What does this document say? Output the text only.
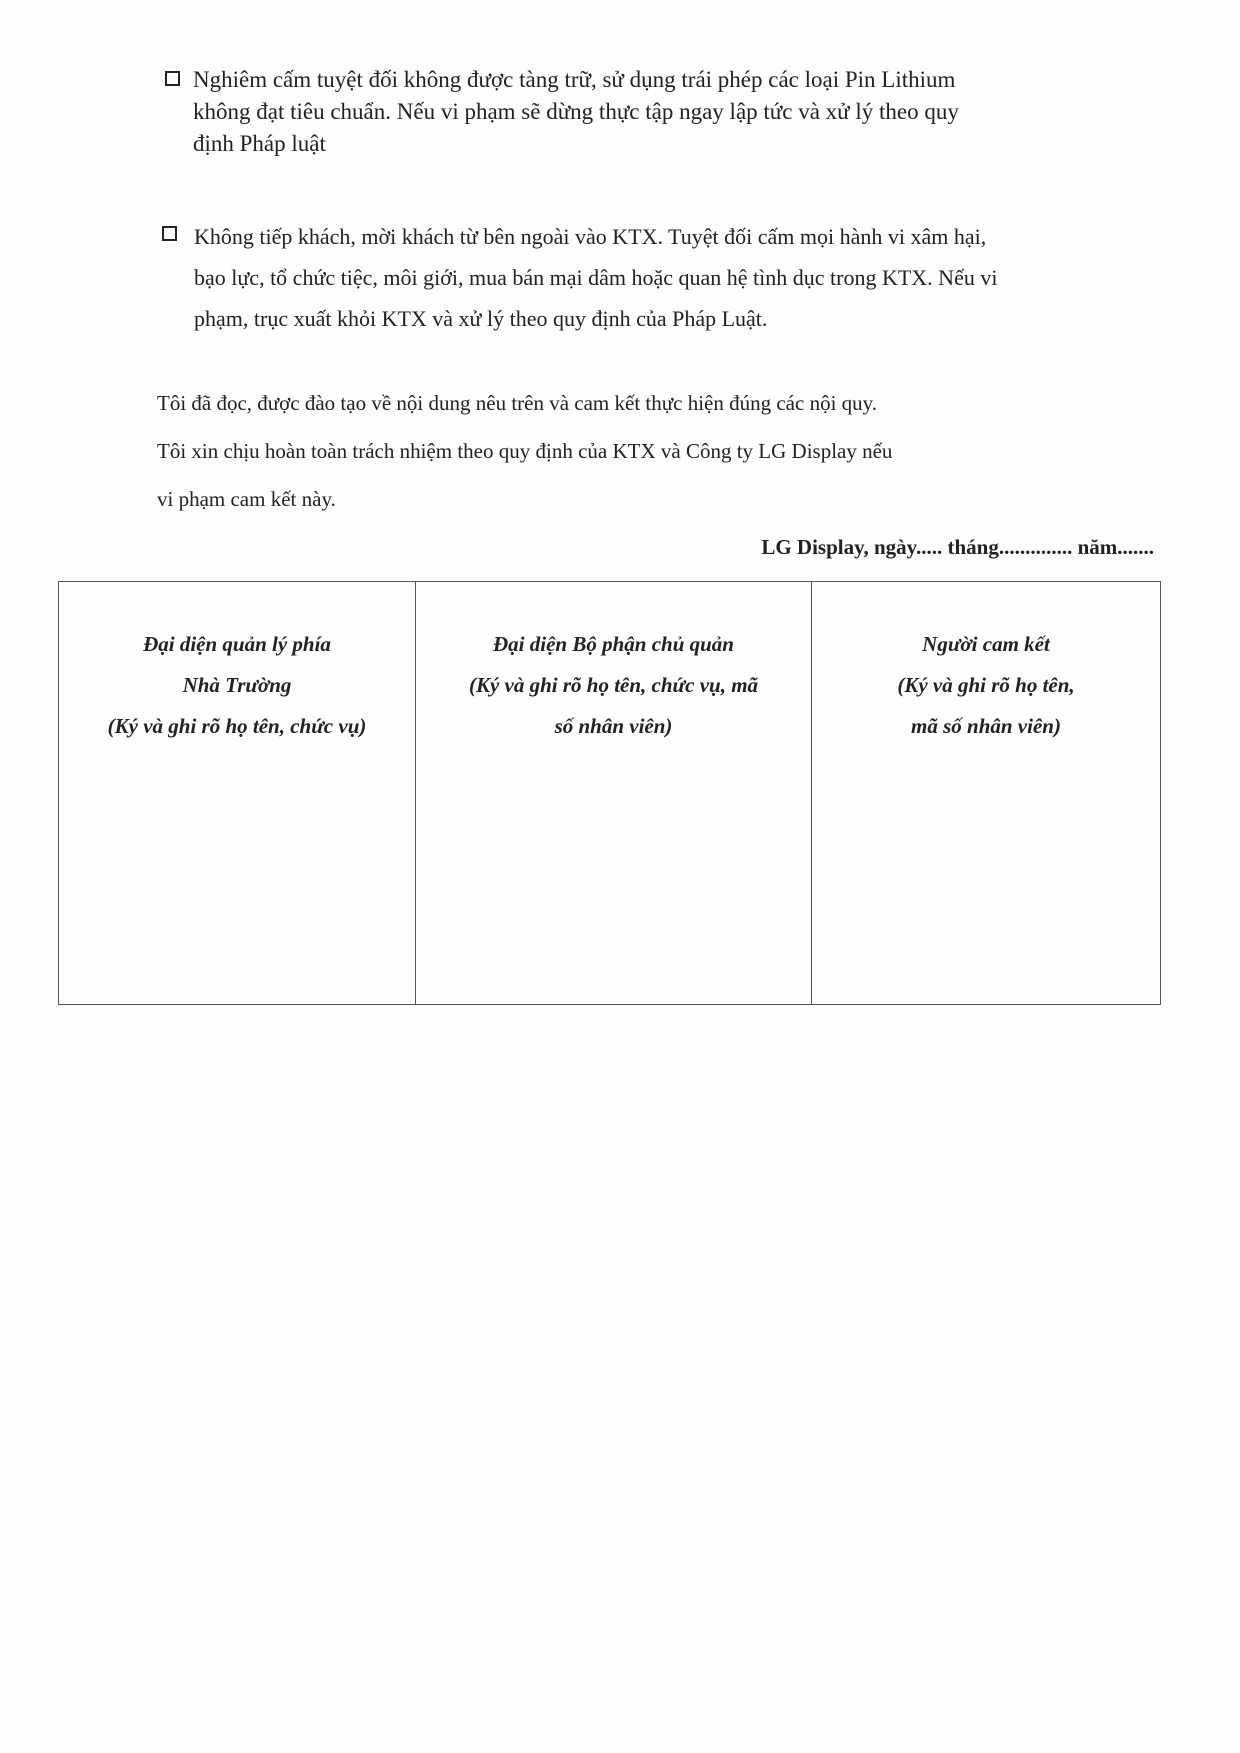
Nghiêm cấm tuyệt đối không được tàng trữ, sử dụng trái phép các loại Pin Lithium
không đạt tiêu chuẩn. Nếu vi phạm sẽ dừng thực tập ngay lập tức và xử lý theo quy
định Pháp luật
Không tiếp khách, mời khách từ bên ngoài vào KTX. Tuyệt đối cấm mọi hành vi xâm hại,
bạo lực, tổ chức tiệc, môi giới, mua bán mại dâm hoặc quan hệ tình dục trong KTX. Nếu vi
phạm, trục xuất khỏi KTX và xử lý theo quy định của Pháp Luật.
Tôi đã đọc, được đào tạo về nội dung nêu trên và cam kết thực hiện đúng các nội quy.
Tôi xin chịu hoàn toàn trách nhiệm theo quy định của KTX và Công ty LG Display nếu
vi phạm cam kết này.
LG Display, ngày..... tháng.............. năm.......
Đại diện quản lý phía
Nhà Trường
(Ký và ghi rõ họ tên, chức vụ)
Đại diện Bộ phận chủ quản
(Ký và ghi rõ họ tên, chức vụ, mã
số nhân viên)
Người cam kết
(Ký và ghi rõ họ tên,
mã số nhân viên)
